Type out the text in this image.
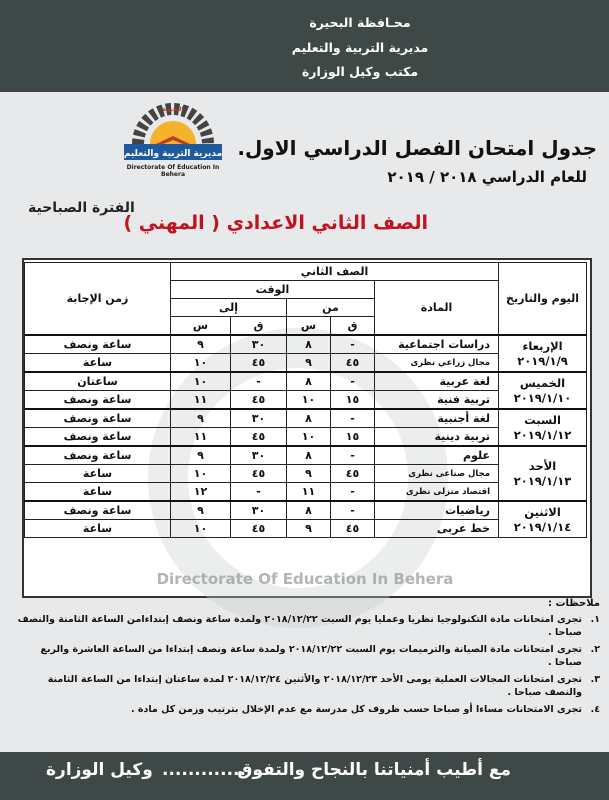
محـافظة البحيرة
مديرية التربية والتعليم
مكتب وكيل الوزارة
مديرية التربية والتعليم
البحيرة
Directorate Of Education In Behera
جدول امتحان الفصل الدراسي الاول.
للعام الدراسي ٢٠١٨ / ٢٠١٩
الفترة الصباحية
الصف الثاني الاعدادي ( المهني )
Directorate Of Education In Behera
اليوم والتاريخ	الصف الثاني					زمن الإجابة
	المادة	الوقت				
		من		إلى		
		ق	س	ق	س	
الإربعاء
٢٠١٩/١/٩	دراسات اجتماعية	-	٨	٣٠	٩	ساعة ونصف
	مجال زراعي نظرى	٤٥	٩	٤٥	١٠	ساعة
الخميس
٢٠١٩/١/١٠	لغة عربية	-	٨	-	١٠	ساعتان
	تربية فنية	١٥	١٠	٤٥	١١	ساعة ونصف
السبت
٢٠١٩/١/١٢	لغة أجنبية	-	٨	٣٠	٩	ساعة ونصف
	تربية دينية	١٥	١٠	٤٥	١١	ساعة ونصف
الأحد
٢٠١٩/١/١٣	علوم	-	٨	٣٠	٩	ساعة ونصف
	مجال صناعى نظرى	٤٥	٩	٤٥	١٠	ساعة
	اقتصاد منزلى نظرى	-	١١	-	١٢	ساعة
الاثنين
٢٠١٩/١/١٤	رياضيات	-	٨	٣٠	٩	ساعة ونصف
	خط عربى	٤٥	٩	٤٥	١٠	ساعة
ملاحظات :
١.
تجرى امتحانات مادة التكنولوجيا نظريا وعمليا يوم السبت ٢٠١٨/١٢/٢٢ ولمدة ساعة ونصف إبتداءامن الساعة الثامنة والنصف صباحا .
٢.
تجرى امتحانات مادة الصيانة والترميمات يوم السبت ٢٠١٨/١٢/٢٢ ولمدة ساعة ونصف إبتداءا من الساعة العاشرة والربع صباحا .
٣.
تجرى امتحانات المجالات العملية يومى الأحد ٢٠١٨/١٢/٢٣ والأثنين ٢٠١٨/١٢/٢٤ لمدة ساعتان إبتداءا من الساعة الثامنة والنصف صباحا .
٤.
تجرى الامتحانات مساءا أو صباحا حسب ظروف كل مدرسة مع عدم الإخلال بترتيب وزمن كل مادة .
مع أطيب أمنياتنا بالنجاح والتفوق
...............
وكيل الوزارة
